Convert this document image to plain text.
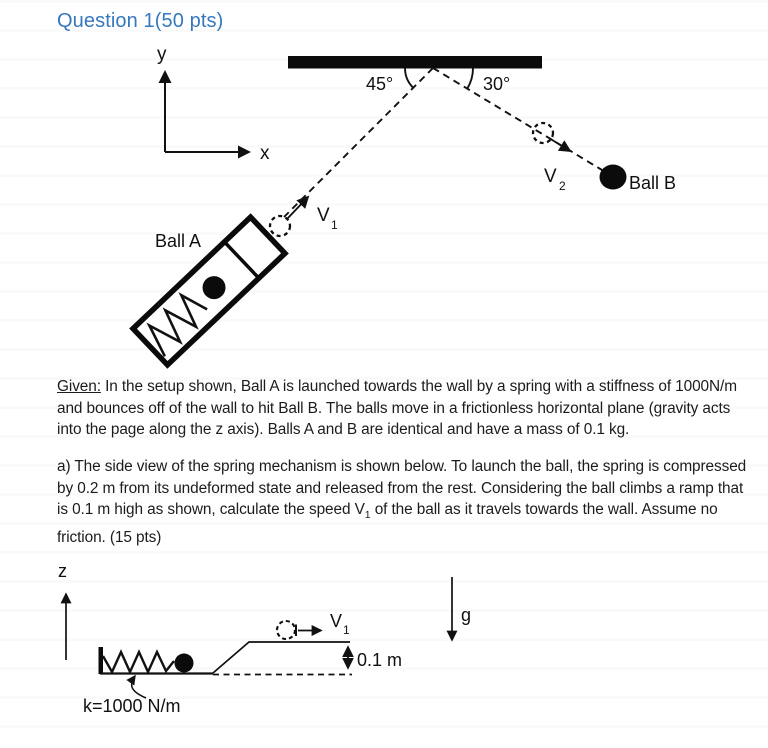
Question 1(50 pts)
y
x
45°	30°
Ball A
V 1
V 2	Ball B
Given: In the setup shown, Ball A is launched towards the wall by a spring with a stiffness of 1000N/m and bounces off of the wall to hit Ball B. The balls move in a frictionless horizontal plane (gravity acts into the page along the z axis). Balls A and B are identical and have a mass of 0.1 kg.
a) The side view of the spring mechanism is shown below. To launch the ball, the spring is compressed by 0.2 m from its undeformed state and released from the rest. Considering the ball climbs a ramp that is 0.1 m high as shown, calculate the speed $V_1$ of the ball as it travels towards the wall. Assume no friction. (15 pts)
z
V 1
0.1 m
g
k=1000 N/m
